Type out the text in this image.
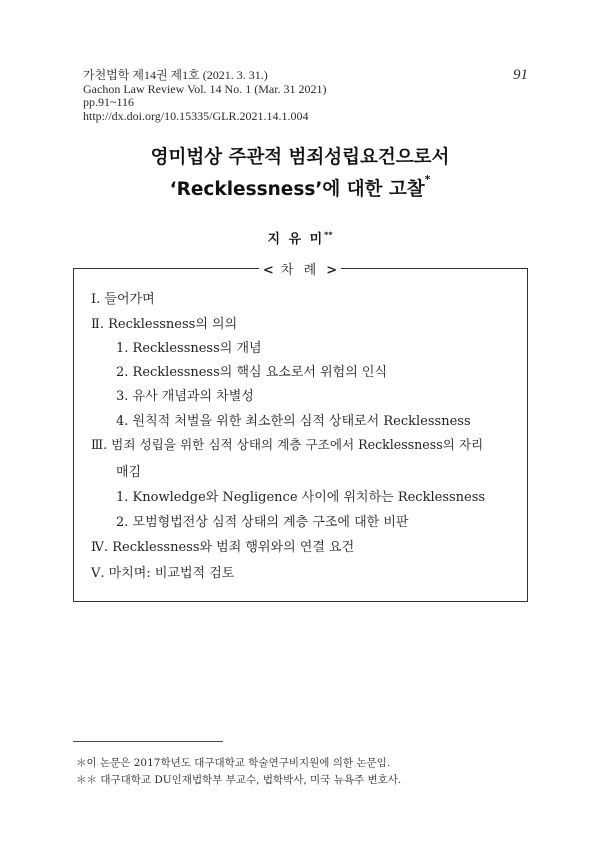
가천법학 제14권 제1호 (2021. 3. 31.)
Gachon Law Review Vol. 14 No. 1 (Mar. 31 2021)
pp.91~116
http://dx.doi.org/10.15335/GLR.2021.14.1.004
91
영미법상 주관적 범죄성립요건으로서
‘Recklessness’에 대한 고찰*
지 유 미**
< 차 례 >
Ⅰ. 들어가며
Ⅱ. Recklessness의 의의
1. Recklessness의 개념
2. Recklessness의 핵심 요소로서 위험의 인식
3. 유사 개념과의 차별성
4. 원칙적 처벌을 위한 최소한의 심적 상태로서 Recklessness
Ⅲ. 범죄 성립을 위한 심적 상태의 계층 구조에서 Recklessness의 자리
매김
1. Knowledge와 Negligence 사이에 위치하는 Recklessness
2. 모범형법전상 심적 상태의 계층 구조에 대한 비판
Ⅳ. Recklessness와 범죄 행위와의 연결 요건
Ⅴ. 마치며: 비교법적 검토
＊이 논문은 2017학년도 대구대학교 학술연구비지원에 의한 논문임.
＊＊ 대구대학교 DU인재법학부 부교수, 법학박사, 미국 뉴욕주 변호사.
